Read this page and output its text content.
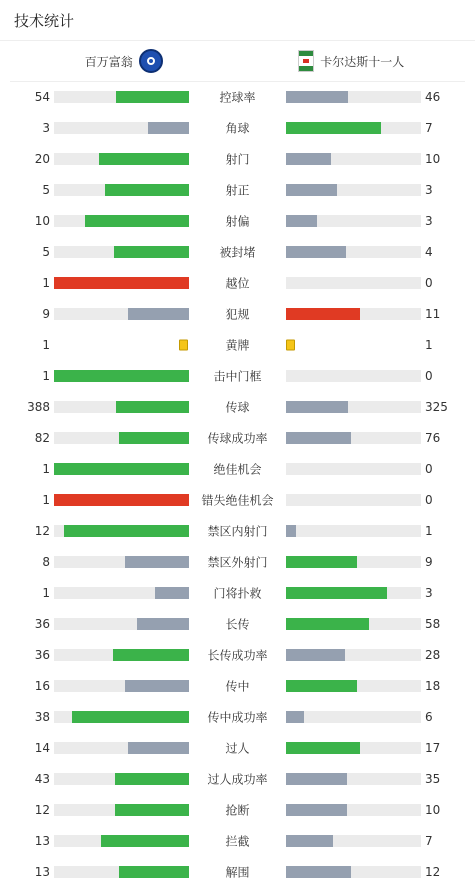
技术统计
百万富翁	卡尔达斯十一人
54	控球率	46
3	角球	7
20	射门	10
5	射正	3
10	射偏	3
5	被封堵	4
1	越位	0
9	犯规	11
1	黄牌	1
1	击中门框	0
388	传球	325
82	传球成功率	76
1	绝佳机会	0
1	错失绝佳机会	0
12	禁区内射门	1
8	禁区外射门	9
1	门将扑救	3
36	长传	58
36	长传成功率	28
16	传中	18
38	传中成功率	6
14	过人	17
43	过人成功率	35
12	抢断	10
13	拦截	7
13	解围	12
